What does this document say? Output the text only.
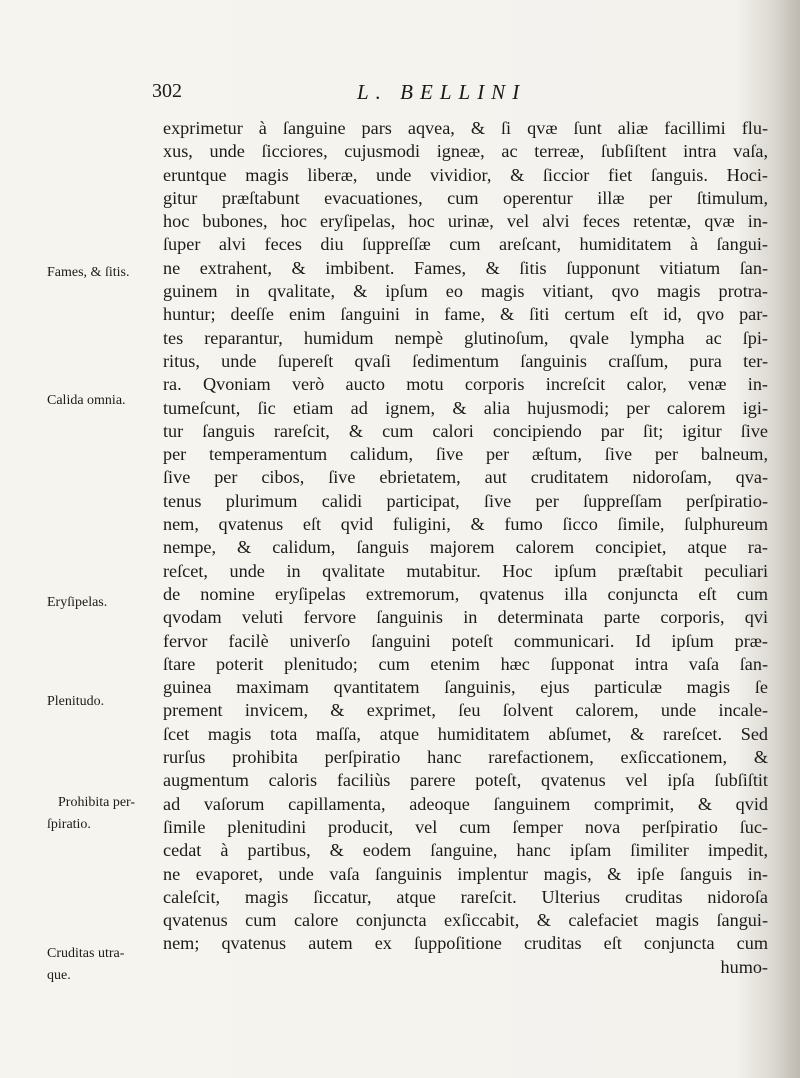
302	L. BELLINI
Fames, & ſitis.
Calida omnia.
Eryſipelas.
Plenitudo.
Prohibita per-
ſpiratio.
Cruditas utra-
que.
exprimetur à ſanguine pars aqvea, & ſi qvæ ſunt aliæ facillimi flu-
xus, unde ſicciores, cujusmodi igneæ, ac terreæ, ſubſiſtent intra vaſa,
eruntque magis liberæ, unde vividior, & ſiccior fiet ſanguis. Hoci-
gitur præſtabunt evacuationes, cum operentur illæ per ſtimulum,
hoc bubones, hoc eryſipelas, hoc urinæ, vel alvi feces retentæ, qvæ in-
ſuper alvi feces diu ſuppreſſæ cum areſcant, humiditatem à ſangui-
ne extrahent, & imbibent. Fames, & ſitis ſupponunt vitiatum ſan-
guinem in qvalitate, & ipſum eo magis vitiant, qvo magis protra-
huntur; deeſſe enim ſanguini in fame, & ſiti certum eſt id, qvo par-
tes reparantur, humidum nempè glutinoſum, qvale lympha ac ſpi-
ritus, unde ſupereſt qvaſi ſedimentum ſanguinis craſſum, pura ter-
ra. Qvoniam verò aucto motu corporis increſcit calor, venæ in-
tumeſcunt, ſic etiam ad ignem, & alia hujusmodi; per calorem igi-
tur ſanguis rareſcit, & cum calori concipiendo par ſit; igitur ſive
per temperamentum calidum, ſive per æſtum, ſive per balneum,
ſive per cibos, ſive ebrietatem, aut cruditatem nidoroſam, qva-
tenus plurimum calidi participat, ſive per ſuppreſſam perſpiratio-
nem, qvatenus eſt qvid fuligini, & fumo ſicco ſimile, ſulphureum
nempe, & calidum, ſanguis majorem calorem concipiet, atque ra-
reſcet, unde in qvalitate mutabitur. Hoc ipſum præſtabit peculiari
de nomine eryſipelas extremorum, qvatenus illa conjuncta eſt cum
qvodam veluti fervore ſanguinis in determinata parte corporis, qvi
fervor facilè univerſo ſanguini poteſt communicari. Id ipſum præ-
ſtare poterit plenitudo; cum etenim hæc ſupponat intra vaſa ſan-
guinea maximam qvantitatem ſanguinis, ejus particulæ magis ſe
prement invicem, & exprimet, ſeu ſolvent calorem, unde incale-
ſcet magis tota maſſa, atque humiditatem abſumet, & rareſcet. Sed
rurſus prohibita perſpiratio hanc rarefactionem, exſiccationem, &
augmentum caloris faciliùs parere poteſt, qvatenus vel ipſa ſubſiſtit
ad vaſorum capillamenta, adeoque ſanguinem comprimit, & qvid
ſimile plenitudini producit, vel cum ſemper nova perſpiratio ſuc-
cedat à partibus, & eodem ſanguine, hanc ipſam ſimiliter impedit,
ne evaporet, unde vaſa ſanguinis implentur magis, & ipſe ſanguis in-
caleſcit, magis ſiccatur, atque rareſcit. Ulterius cruditas nidoroſa
qvatenus cum calore conjuncta exſiccabit, & calefaciet magis ſangui-
nem; qvatenus autem ex ſuppoſitione cruditas eſt conjuncta cum
humo-
